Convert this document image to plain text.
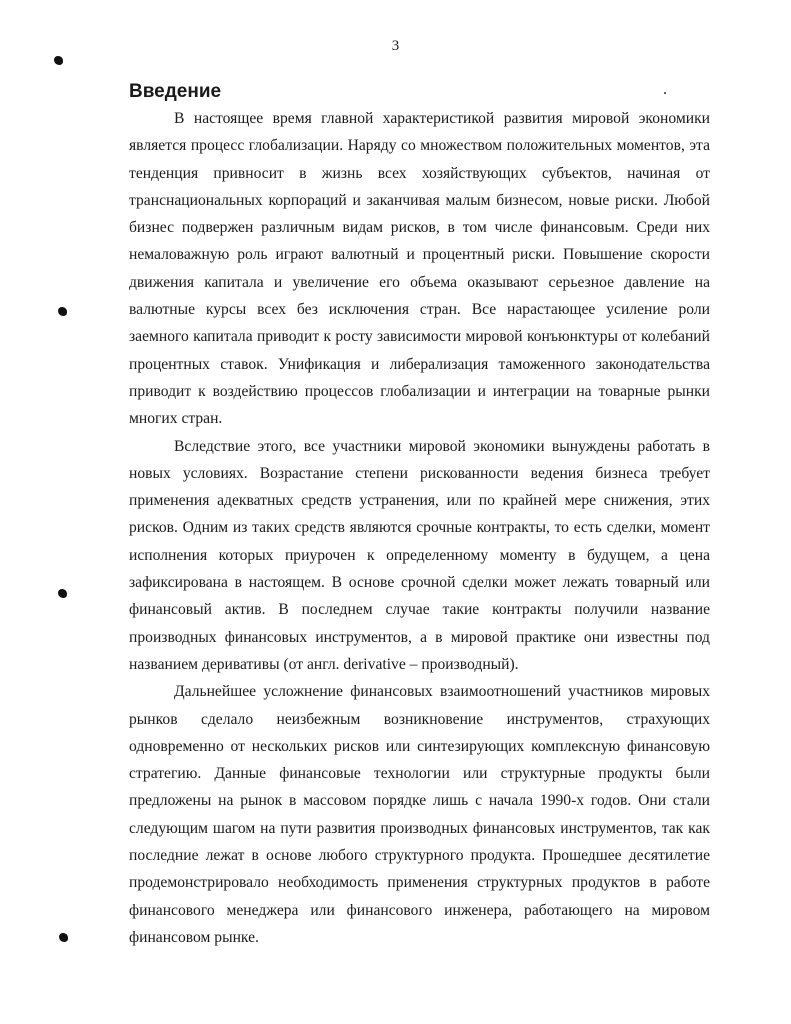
3
Введение

В настоящее время главной характеристикой развития мировой экономики является процесс глобализации. Наряду со множеством положительных моментов, эта тенденция привносит в жизнь всех хозяйствующих субъектов, начиная от транснациональных корпораций и заканчивая малым бизнесом, новые риски. Любой бизнес подвержен различным видам рисков, в том числе финансовым. Среди них немаловажную роль играют валютный и процентный риски. Повышение скорости движения капитала и увеличение его объема оказывают серьезное давление на валютные курсы всех без исключения стран. Все нарастающее усиление роли заемного капитала приводит к росту зависимости мировой конъюнктуры от колебаний процентных ставок. Унификация и либерализация таможенного законодательства приводит к воздействию процессов глобализации и интеграции на товарные рынки многих стран.

Вследствие этого, все участники мировой экономики вынуждены работать в новых условиях. Возрастание степени рискованности ведения бизнеса требует применения адекватных средств устранения, или по крайней мере снижения, этих рисков. Одним из таких средств являются срочные контракты, то есть сделки, момент исполнения которых приурочен к определенному моменту в будущем, а цена зафиксирована в настоящем. В основе срочной сделки может лежать товарный или финансовый актив. В последнем случае такие контракты получили название производных финансовых инструментов, а в мировой практике они известны под названием деривативы (от англ. derivative – производный).

Дальнейшее усложнение финансовых взаимоотношений участников мировых рынков сделало неизбежным возникновение инструментов, страхующих одновременно от нескольких рисков или синтезирующих комплексную финансовую стратегию. Данные финансовые технологии или структурные продукты были предложены на рынок в массовом порядке лишь с начала 1990-х годов. Они стали следующим шагом на пути развития производных финансовых инструментов, так как последние лежат в основе любого структурного продукта. Прошедшее десятилетие продемонстрировало необходимость применения структурных продуктов в работе финансового менеджера или финансового инженера, работающего на мировом финансовом рынке.
